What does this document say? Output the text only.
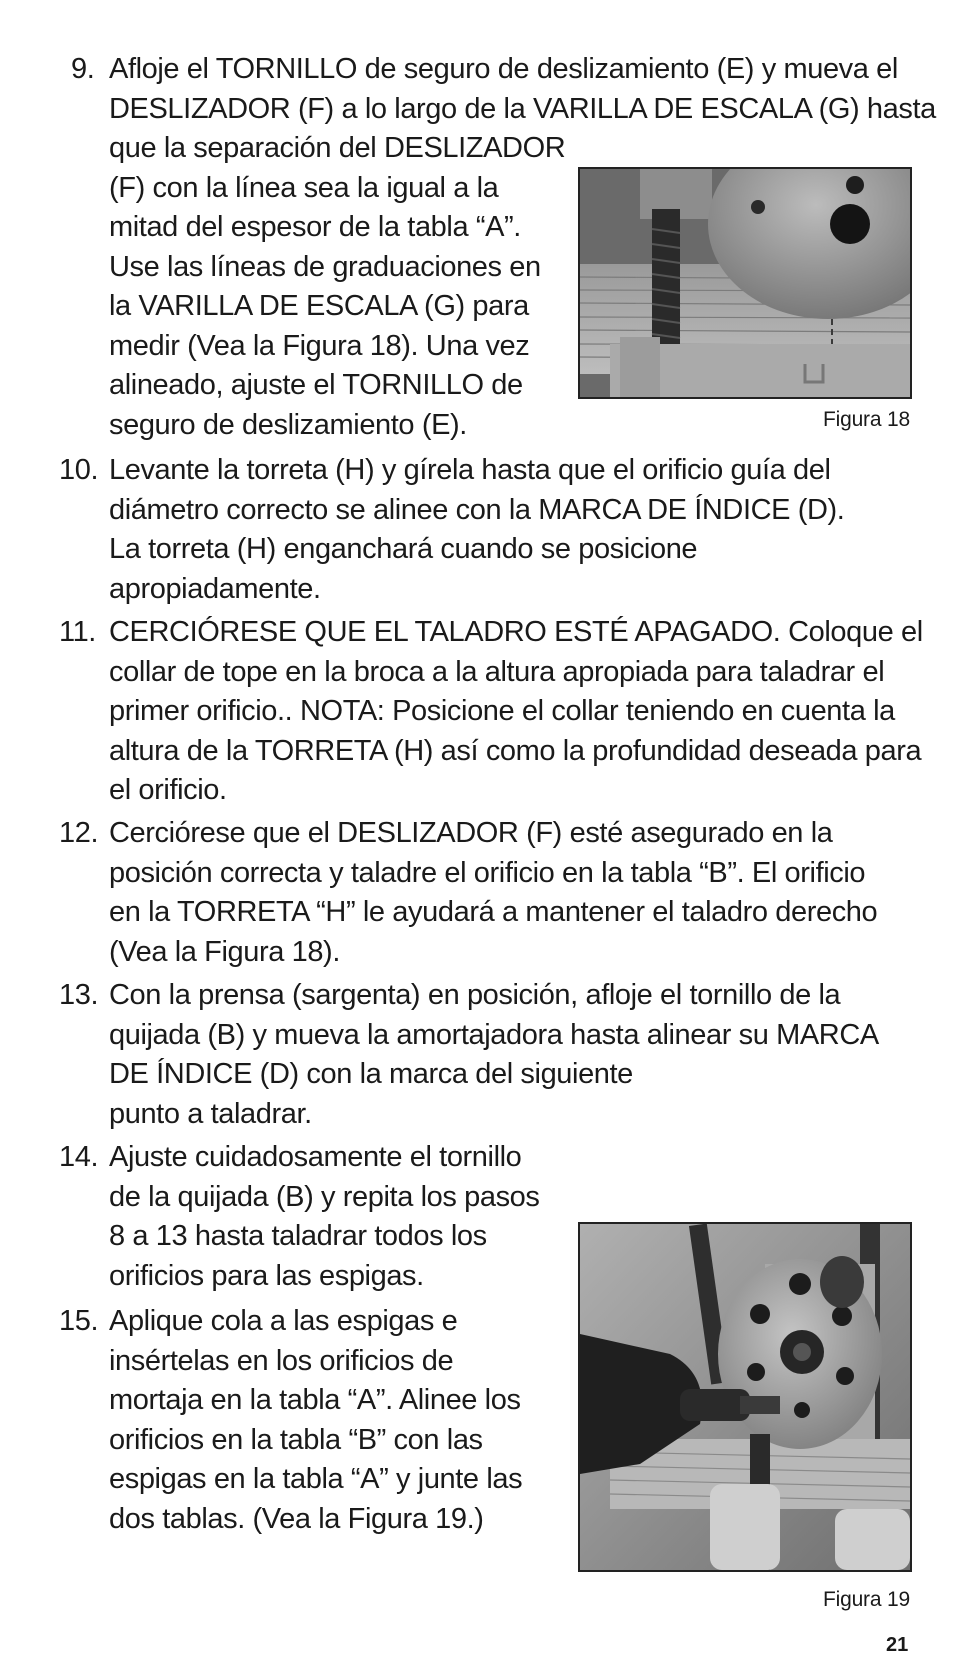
9. Afloje el TORNILLO de seguro de deslizamiento (E) y mueva el
DESLIZADOR (F) a lo largo de la VARILLA DE ESCALA (G) hasta
que la separación del DESLIZADOR
(F) con la línea sea la igual a la
mitad del espesor de la tabla “A”.
Use las líneas de graduaciones en
la VARILLA DE ESCALA (G) para
medir (Vea la Figura 18). Una vez
alineado, ajuste el TORNILLO de
seguro de deslizamiento (E).	Figura 18
10. Levante la torreta (H) y gírela hasta que el orificio guía del
diámetro correcto se alinee con la MARCA DE ÍNDICE (D).
La torreta (H) enganchará cuando se posicione
apropiadamente.
11. CERCIÓRESE QUE EL TALADRO ESTÉ APAGADO. Coloque el
collar de tope en la broca a la altura apropiada para taladrar el
primer orificio.. NOTA: Posicione el collar teniendo en cuenta la
altura de la TORRETA (H) así como la profundidad deseada para
el orificio.
12. Cerciórese que el DESLIZADOR (F) esté asegurado en la
posición correcta y taladre el orificio en la tabla “B”. El orificio
en la TORRETA “H” le ayudará a mantener el taladro derecho
(Vea la Figura 18).
13. Con la prensa (sargenta) en posición, afloje el tornillo de la
quijada (B) y mueva la amortajadora hasta alinear su MARCA
DE ÍNDICE (D) con la marca del siguiente
punto a taladrar.
14. Ajuste cuidadosamente el tornillo
de la quijada (B) y repita los pasos
8 a 13 hasta taladrar todos los
orificios para las espigas.
15. Aplique cola a las espigas e
insértelas en los orificios de
mortaja en la tabla “A”. Alinee los
orificios en la tabla “B” con las
espigas en la tabla “A” y junte las
dos tablas. (Vea la Figura 19.)
Figura 19
21
